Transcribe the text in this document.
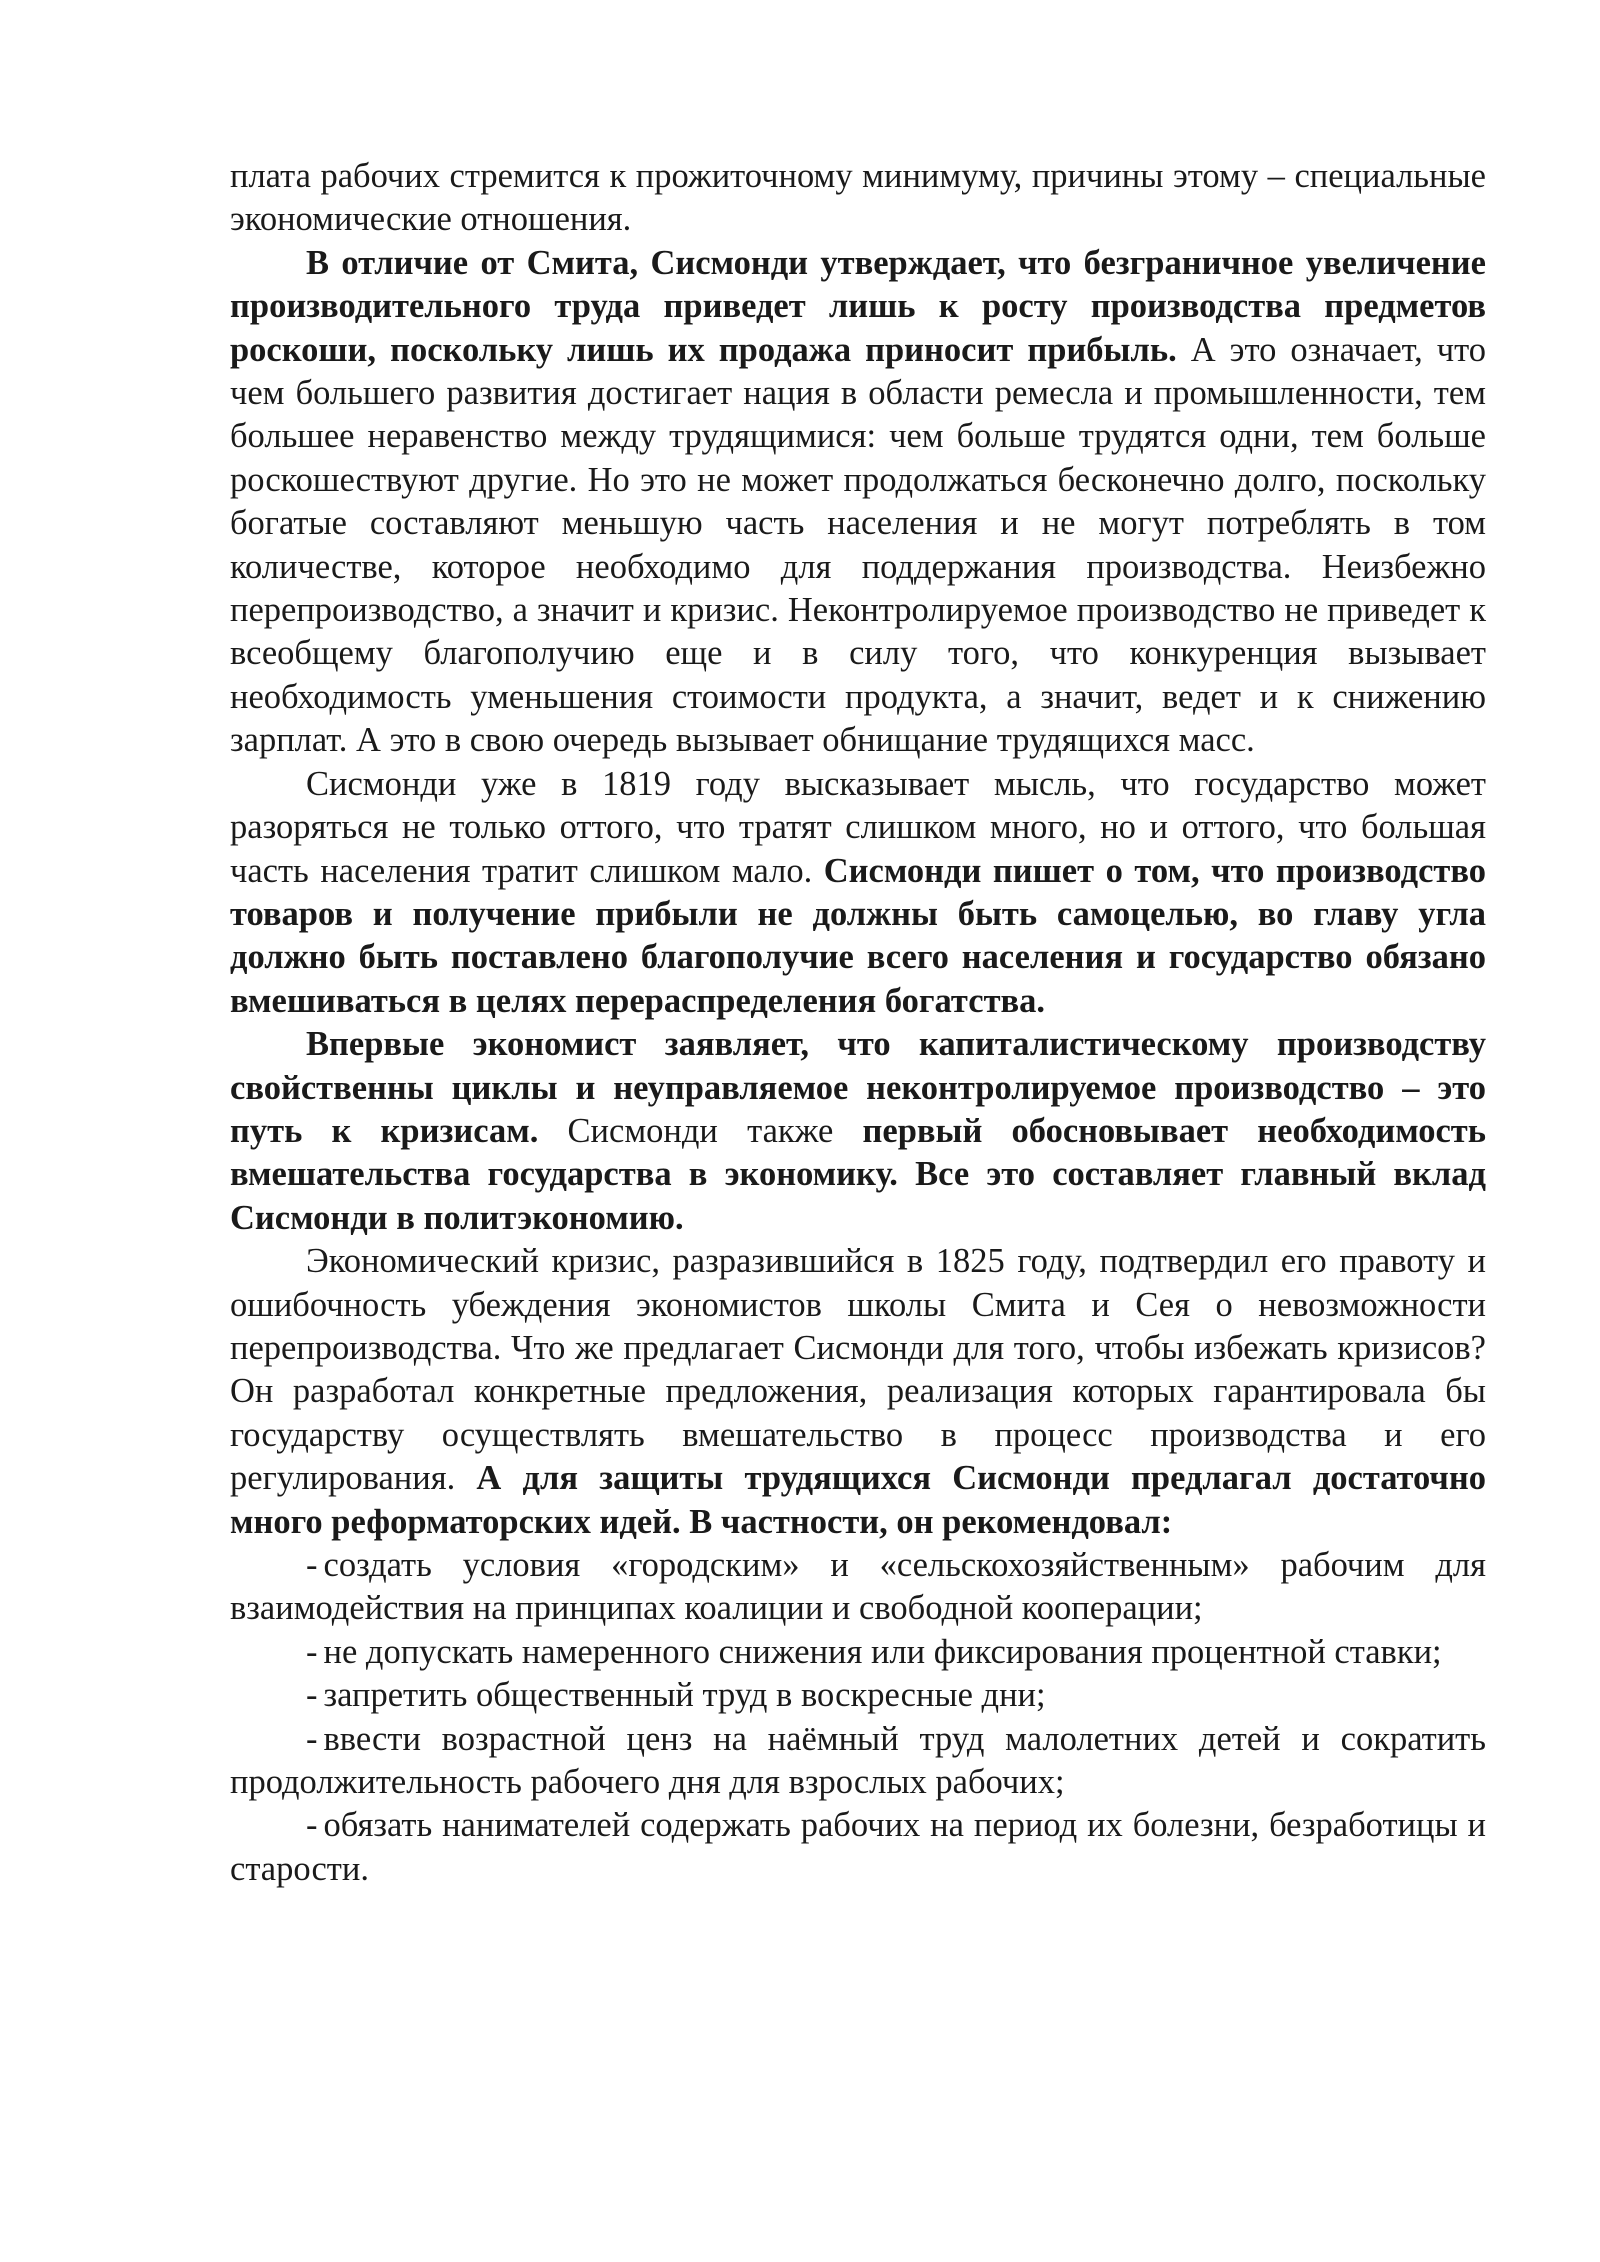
плата рабочих стремится к прожиточному минимуму, причины этому – специальные экономические отношения.

В отличие от Смита, Сисмонди утверждает, что безграничное увеличение производительного труда приведет лишь к росту производства предметов роскоши, поскольку лишь их продажа приносит прибыль. А это означает, что чем большего развития достигает нация в области ремесла и промышленности, тем большее неравенство между трудящимися: чем больше трудятся одни, тем больше роскошествуют другие. Но это не может продолжаться бесконечно долго, поскольку богатые составляют меньшую часть населения и не могут потреблять в том количестве, которое необходимо для поддержания производства. Неизбежно перепроизводство, а значит и кризис. Неконтролируемое производство не приведет к всеобщему благополучию еще и в силу того, что конкуренция вызывает необходимость уменьшения стоимости продукта, а значит, ведет и к снижению зарплат. А это в свою очередь вызывает обнищание трудящихся масс.

Сисмонди уже в 1819 году высказывает мысль, что государство может разоряться не только оттого, что тратят слишком много, но и оттого, что большая часть населения тратит слишком мало. Сисмонди пишет о том, что производство товаров и получение прибыли не должны быть самоцелью, во главу угла должно быть поставлено благополучие всего населения и государство обязано вмешиваться в целях перераспределения богатства.

Впервые экономист заявляет, что капиталистическому производству свойственны циклы и неуправляемое неконтролируемое производство – это путь к кризисам. Сисмонди также первый обосновывает необходимость вмешательства государства в экономику. Все это составляет главный вклад Сисмонди в политэкономию.

Экономический кризис, разразившийся в 1825 году, подтвердил его правоту и ошибочность убеждения экономистов школы Смита и Сея о невозможности перепроизводства. Что же предлагает Сисмонди для того, чтобы избежать кризисов? Он разработал конкретные предложения, реализация которых гарантировала бы государству осуществлять вмешательство в процесс производства и его регулирования. А для защиты трудящихся Сисмонди предлагал достаточно много реформаторских идей. В частности, он рекомендовал:

- создать условия «городским» и «сельскохозяйственным» рабочим для взаимодействия на принципах коалиции и свободной кооперации;

- не допускать намеренного снижения или фиксирования процентной ставки;

- запретить общественный труд в воскресные дни;

- ввести возрастной ценз на наёмный труд малолетних детей и сократить продолжительность рабочего дня для взрослых рабочих;

- обязать нанимателей содержать рабочих на период их болезни, безработицы и старости.
